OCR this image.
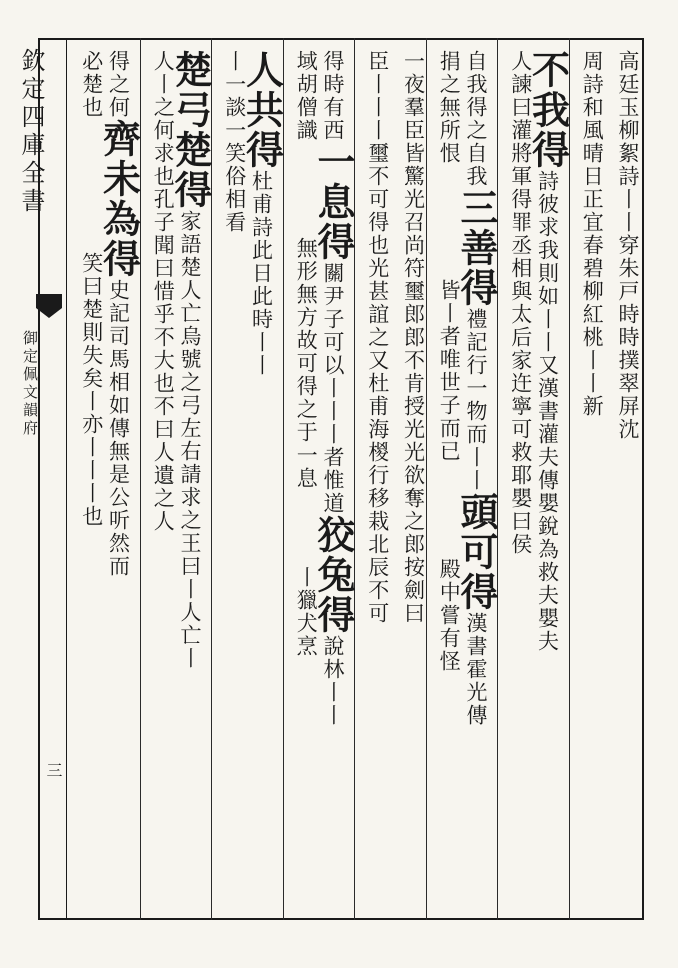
欽定四庫全書
御定佩文韻府
三
高廷玉柳絮詩丨丨穿朱戸時時撲翠屏沈
周詩和風晴日正宜春碧柳紅桃丨丨新
不我得詩彼求我則如丨丨又漢書灌夫傳嬰銳為救夫嬰夫
人諫曰灌將軍得罪丞相與太后家迕寧可救耶嬰曰侯
自我得之自我三善得禮記行一物而丨丨頭可得漢書霍光傳
捐之無所恨　　　　　　皆丨者唯世子而已　　　　　殿中嘗有怪
一夜羣臣皆驚光召尚符璽郎郎不肯授光光欲奪之郎按劍曰
臣丨丨丨璽不可得也光甚誼之又杜甫海椶行移栽北辰不可
得時有西一息得關尹子可以丨丨丨者惟道狡兔得說林丨丨
域胡僧識　　　　　無形無方故可得之于一息　　　　丨獵犬烹
人共得杜甫詩此日此時丨丨
丨一談一笑俗相看
楚弓楚得家語楚人亡烏號之弓左右請求之王曰丨人亡丨
人丨之何求也孔子聞曰惜乎不大也不曰人遺之人
得之何齊未為得史記司馬相如傳無是公听然而
必楚也　　　　　　　笑曰楚則失矣丨亦丨丨丨也
